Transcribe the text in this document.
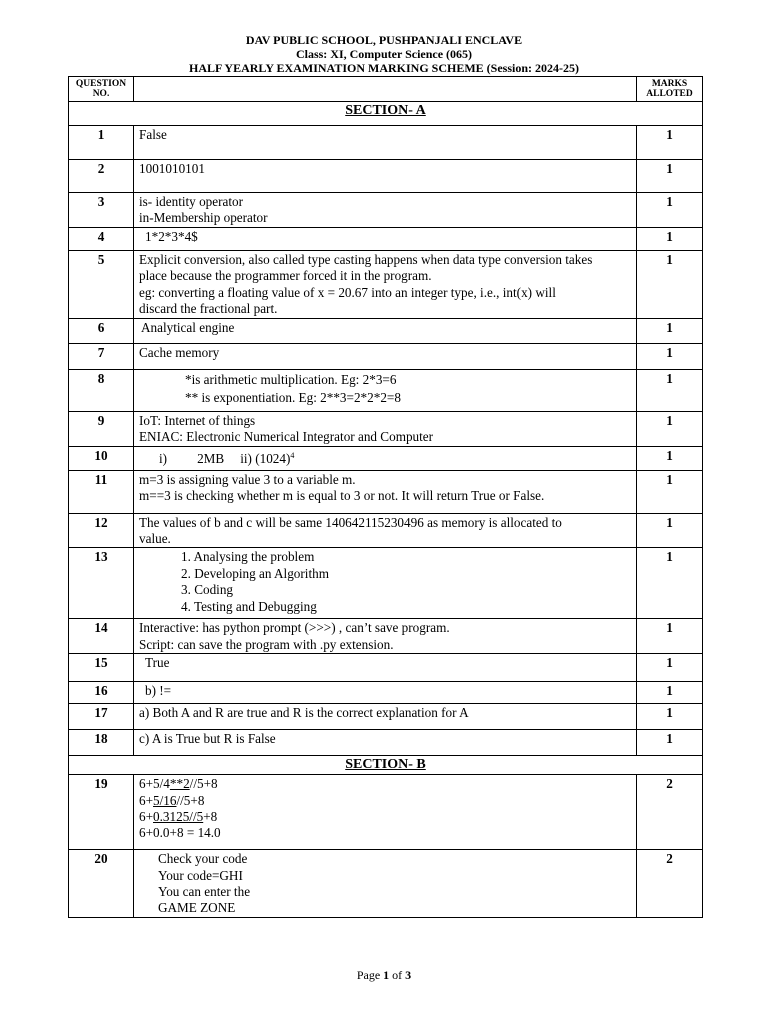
DAV PUBLIC SCHOOL, PUSHPANJALI ENCLAVE
Class: XI, Computer Science (065)
HALF YEARLY EXAMINATION MARKING SCHEME (Session: 2024-25)
QUESTION NO.		MARKS ALLOTED
SECTION- A		
1	False	1
2	1001010101	1
3	is- identity operator
in-Membership operator	1
4	1*2*3*4$	1
5	Explicit conversion, also called type casting happens when data type conversion takes
place because the programmer forced it in the program.
eg: converting a floating value of x = 20.67 into an integer type, i.e., int(x) will
discard the fractional part.	1
6	Analytical engine	1
7	Cache memory	1
8	*is arithmetic multiplication. Eg: 2*3=6
** is exponentiation. Eg: 2**3=2*2*2=8	1
9	IoT: Internet of things
ENIAC: Electronic Numerical Integrator and Computer	1
10	i) 2MB ii) $(1024)^4$	1
11	m=3 is assigning value 3 to a variable m.
m==3 is checking whether m is equal to 3 or not. It will return True or False.	1
12	The values of b and c will be same 140642115230496 as memory is allocated to
value.	1
13	1. Analysing the problem
2. Developing an Algorithm
3. Coding
4. Testing and Debugging	1
14	Interactive: has python prompt (>>>) , can’t save program.
Script: can save the program with .py extension.	1
15	True	1
16	b) !=	1
17	a) Both A and R are true and R is the correct explanation for A	1
18	c) A is True but R is False	1
SECTION- B		
19	6+5/4**2//5+8
6+5/16//5+8
6+0.3125//5+8
6+0.0+8 = 14.0	2
20	Check your code
Your code=GHI
You can enter the
GAME ZONE	2
Page 1 of 3
